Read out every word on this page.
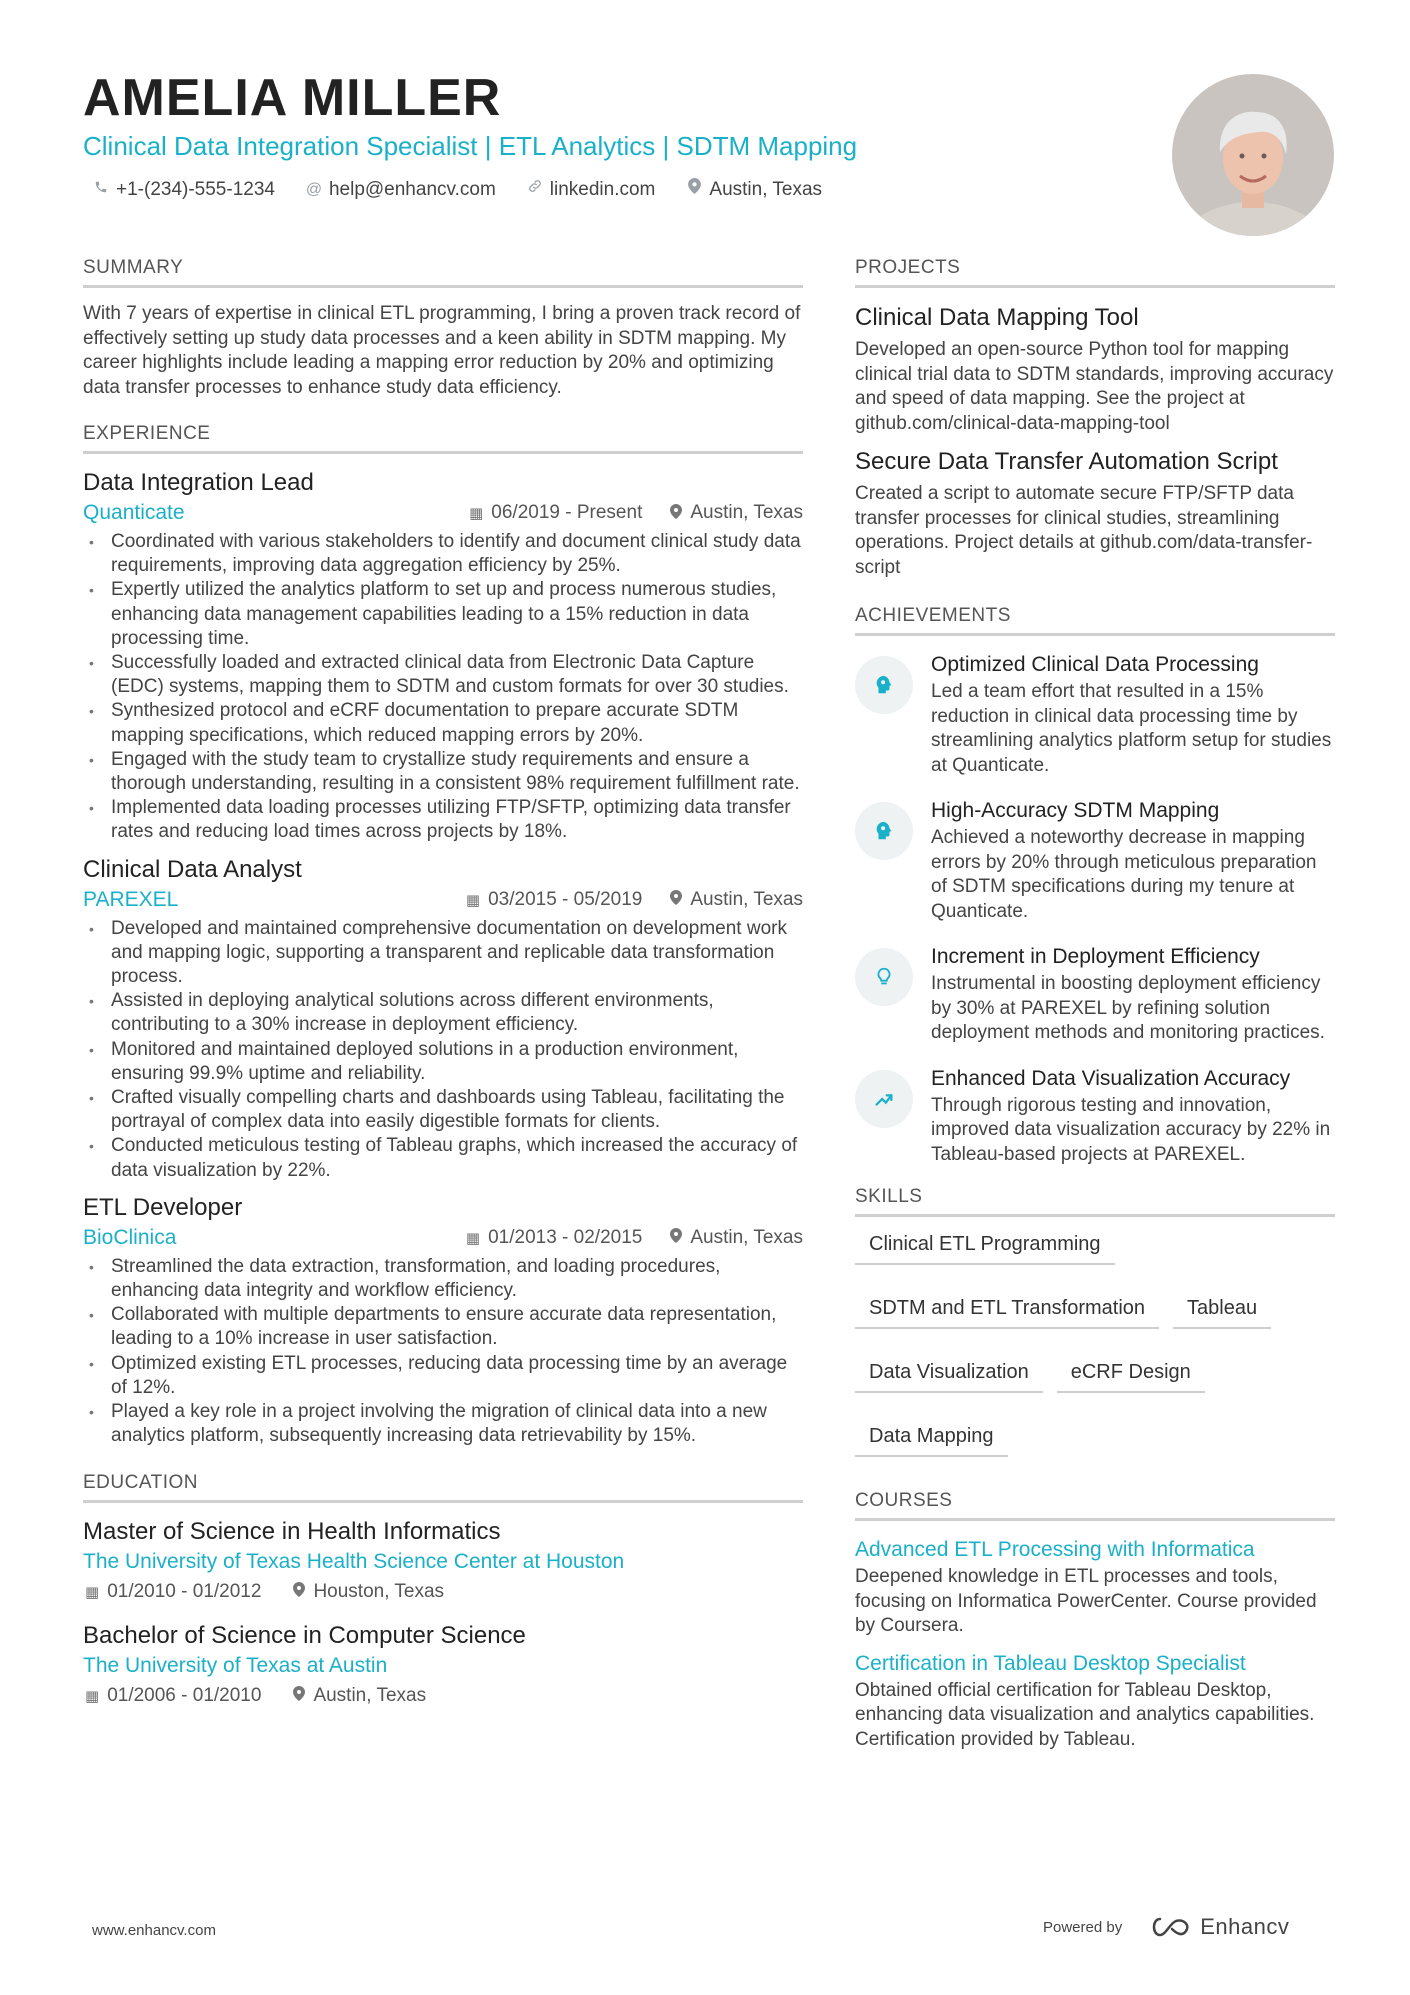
AMELIA MILLER
Clinical Data Integration Specialist | ETL Analytics | SDTM Mapping
+1-(234)-555-1234 @ help@enhancv.com	linkedin.com	Austin, Texas
SUMMARY

With 7 years of expertise in clinical ETL programming, I bring a proven track record of effectively setting up study data processes and a keen ability in SDTM mapping. My career highlights include leading a mapping error reduction by 20% and optimizing data transfer processes to enhance study data efficiency.

EXPERIENCE
Data Integration Lead
Quanticate	▦ 06/2019 - Present	Austin, Texas
• Coordinated with various stakeholders to identify and document clinical study data requirements, improving data aggregation efficiency by 25%.
• Expertly utilized the analytics platform to set up and process numerous studies, enhancing data management capabilities leading to a 15% reduction in data processing time.
• Successfully loaded and extracted clinical data from Electronic Data Capture (EDC) systems, mapping them to SDTM and custom formats for over 30 studies.
• Synthesized protocol and eCRF documentation to prepare accurate SDTM mapping specifications, which reduced mapping errors by 20%.
• Engaged with the study team to crystallize study requirements and ensure a thorough understanding, resulting in a consistent 98% requirement fulfillment rate.
• Implemented data loading processes utilizing FTP/SFTP, optimizing data transfer rates and reducing load times across projects by 18%.
Clinical Data Analyst
PAREXEL	▦ 03/2015 - 05/2019	Austin, Texas
• Developed and maintained comprehensive documentation on development work and mapping logic, supporting a transparent and replicable data transformation process.
• Assisted in deploying analytical solutions across different environments, contributing to a 30% increase in deployment efficiency.
• Monitored and maintained deployed solutions in a production environment, ensuring 99.9% uptime and reliability.
• Crafted visually compelling charts and dashboards using Tableau, facilitating the portrayal of complex data into easily digestible formats for clients.
• Conducted meticulous testing of Tableau graphs, which increased the accuracy of data visualization by 22%.
ETL Developer
BioClinica	▦ 01/2013 - 02/2015	Austin, Texas
• Streamlined the data extraction, transformation, and loading procedures, enhancing data integrity and workflow efficiency.
• Collaborated with multiple departments to ensure accurate data representation, leading to a 10% increase in user satisfaction.
• Optimized existing ETL processes, reducing data processing time by an average of 12%.
• Played a key role in a project involving the migration of clinical data into a new analytics platform, subsequently increasing data retrievability by 15%.
EDUCATION
Master of Science in Health Informatics
The University of Texas Health Science Center at Houston
▦ 01/2010 - 01/2012	Houston, Texas
Bachelor of Science in Computer Science
The University of Texas at Austin
▦ 01/2006 - 01/2010	Austin, Texas
PROJECTS
Clinical Data Mapping Tool

Developed an open-source Python tool for mapping clinical trial data to SDTM standards, improving accuracy and speed of data mapping. See the project at github.com/clinical-data-mapping-tool

Secure Data Transfer Automation Script

Created a script to automate secure FTP/SFTP data transfer processes for clinical studies, streamlining operations. Project details at github.com/data-transfer-script

ACHIEVEMENTS
Optimized Clinical Data Processing

Led a team effort that resulted in a 15% reduction in clinical data processing time by streamlining analytics platform setup for studies at Quanticate.

High-Accuracy SDTM Mapping

Achieved a noteworthy decrease in mapping errors by 20% through meticulous preparation of SDTM specifications during my tenure at Quanticate.

Increment in Deployment Efficiency

Instrumental in boosting deployment efficiency by 30% at PAREXEL by refining solution deployment methods and monitoring practices.

Enhanced Data Visualization Accuracy

Through rigorous testing and innovation, improved data visualization accuracy by 22% in Tableau-based projects at PAREXEL.

SKILLS
Clinical ETL Programming
SDTM and ETL Transformation	Tableau
Data Visualization	eCRF Design
Data Mapping
COURSES
Advanced ETL Processing with Informatica

Deepened knowledge in ETL processes and tools, focusing on Informatica PowerCenter. Course provided by Coursera.

Certification in Tableau Desktop Specialist

Obtained official certification for Tableau Desktop, enhancing data visualization and analytics capabilities. Certification provided by Tableau.

www.enhancv.com	Powered by	Enhancv
